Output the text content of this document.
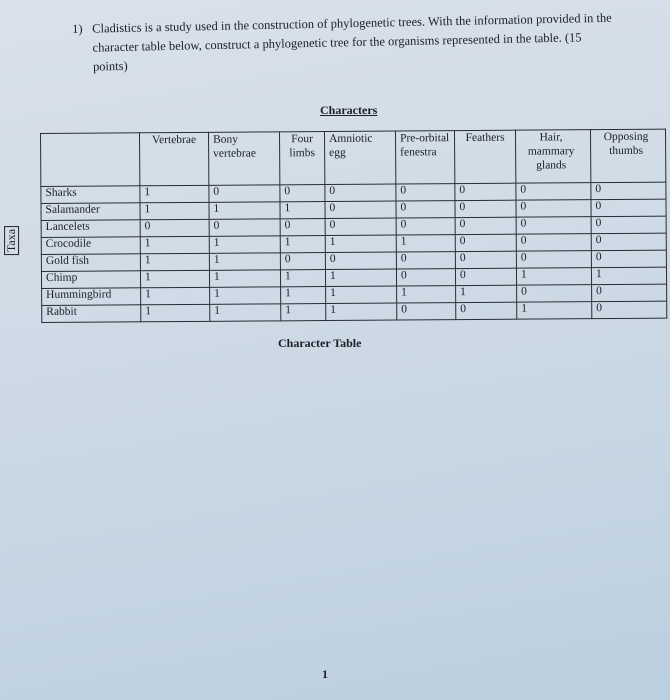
1) Cladistics is a study used in the construction of phylogenetic trees. With the information provided in the character table below, construct a phylogenetic tree for the organisms represented in the table. (15 points)
Characters
Taxa
	Vertebrae	Bony vertebrae	Four limbs	Amniotic egg	Pre-orbital fenestra	Feathers	Hair, mammary glands	Opposing thumbs

Sharks	1	0	0	0	0	0	0	0
Salamander	1	1	1	0	0	0	0	0
Lancelets	0	0	0	0	0	0	0	0
Crocodile	1	1	1	1	1	0	0	0
Gold fish	1	1	0	0	0	0	0	0
Chimp	1	1	1	1	0	0	1	1
Hummingbird	1	1	1	1	1	1	0	0
Rabbit	1	1	1	1	0	0	1	0
Character Table
1
